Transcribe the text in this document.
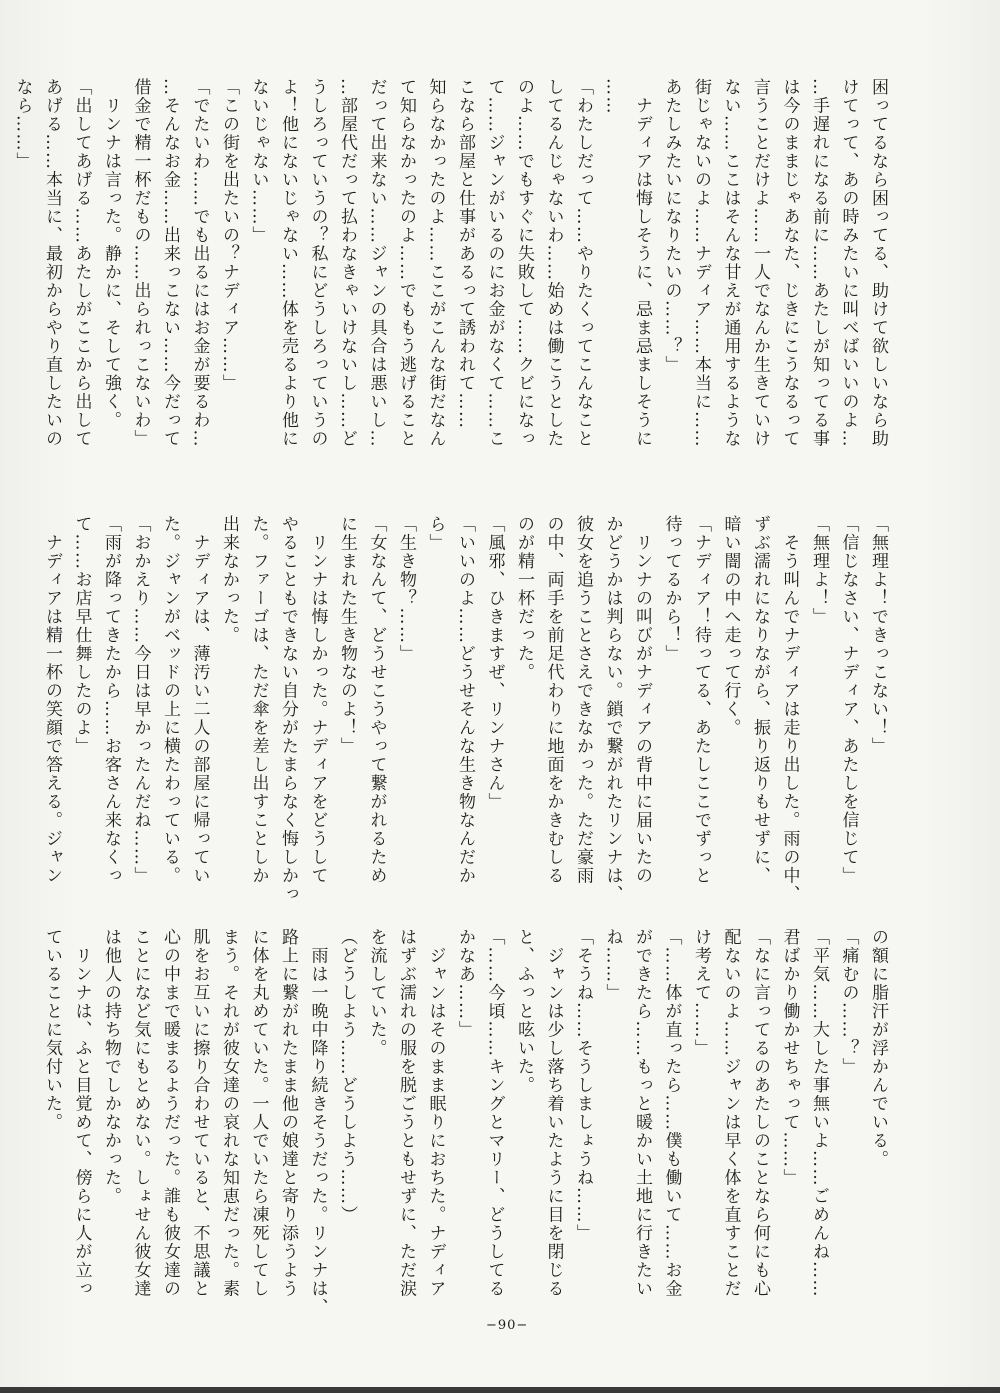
困ってるなら困ってる、助けて欲しいなら助
けてって、あの時みたいに叫べばいいのよ…
…手遅れになる前に……あたしが知ってる事
は今のままじゃあなた、じきにこうなるって
言うことだけよ……一人でなんか生きていけ
ない……ここはそんな甘えが通用するような
街じゃないのよ……ナディア……本当に……
あたしみたいになりたいの……？」
　ナディアは悔しそうに、忌ま忌ましそうに
……
「わたしだって……やりたくってこんなこと
してるんじゃないわ……始めは働こうとした
のよ……でもすぐに失敗して……クビになっ
て……ジャンがいるのにお金がなくて……こ
こなら部屋と仕事があるって誘われて……
知らなかったのよ……ここがこんな街だなん
て知らなかったのよ……でももう逃げること
だって出来ない……ジャンの具合は悪いし…
…部屋代だって払わなきゃいけないし……ど
うしろっていうの？私にどうしろっていうの
よ！他にないじゃない……体を売るより他に
ないじゃない……」
「この街を出たいの？ナディア……」
「でたいわ……でも出るにはお金が要るわ…
…そんなお金……出来っこない……今だって
借金で精一杯だもの……出られっこないわ」
　リンナは言った。静かに、そして強く。
「出してあげる……あたしがここから出して
あげる……本当に、最初からやり直したいの
なら……」

「無理よ！できっこない！」
「信じなさい、ナディア、あたしを信じて」
「無理よ！」
　そう叫んでナディアは走り出した。雨の中、
ずぶ濡れになりながら、振り返りもせずに、
暗い闇の中へ走って行く。
「ナディア！待ってる、あたしここでずっと
待ってるから！」
　リンナの叫びがナディアの背中に届いたの
かどうかは判らない。鎖で繋がれたリンナは、
彼女を追うことさえできなかった。ただ豪雨
の中、両手を前足代わりに地面をかきむしる
のが精一杯だった。
「風邪、ひきますぜ、リンナさん」
「いいのよ……どうせそんな生き物なんだか
ら」
「生き物？……」
「女なんて、どうせこうやって繋がれるため
に生まれた生き物なのよ！」
　リンナは悔しかった。ナディアをどうして
やることもできない自分がたまらなく悔しかっ
た。ファーゴは、ただ傘を差し出すことしか
出来なかった。
　ナディアは、薄汚い二人の部屋に帰ってい
た。ジャンがベッドの上に横たわっている。
「おかえり……今日は早かったんだね……」
「雨が降ってきたから……お客さん来なくっ
て……お店早仕舞したのよ」
　ナディアは精一杯の笑顔で答える。ジャン

の額に脂汗が浮かんでいる。
「痛むの……？」
「平気……大した事無いよ……ごめんね……
君ばかり働かせちゃって……」
「なに言ってるのあたしのことなら何にも心
配ないのよ……ジャンは早く体を直すことだ
け考えて……」
「……体が直ったら……僕も働いて……お金
ができたら……もっと暖かい土地に行きたい
ね……」
「そうね……そうしましょうね……」
　ジャンは少し落ち着いたように目を閉じる
と、ふっと呟いた。
「……今頃……キングとマリー、どうしてる
かなあ……」
　ジャンはそのまま眠りにおちた。ナディア
はずぶ濡れの服を脱ごうともせずに、ただ涙
を流していた。
（どうしよう……どうしよう……）
　雨は一晩中降り続きそうだった。リンナは、
路上に繋がれたまま他の娘達と寄り添うよう
に体を丸めていた。一人でいたら凍死してし
まう。それが彼女達の哀れな知恵だった。素
肌をお互いに擦り合わせていると、不思議と
心の中まで暖まるようだった。誰も彼女達の
ことになど気にもとめない。しょせん彼女達
は他人の持ち物でしかなかった。
　リンナは、ふと目覚めて、傍らに人が立っ
ていることに気付いた。

−90−
